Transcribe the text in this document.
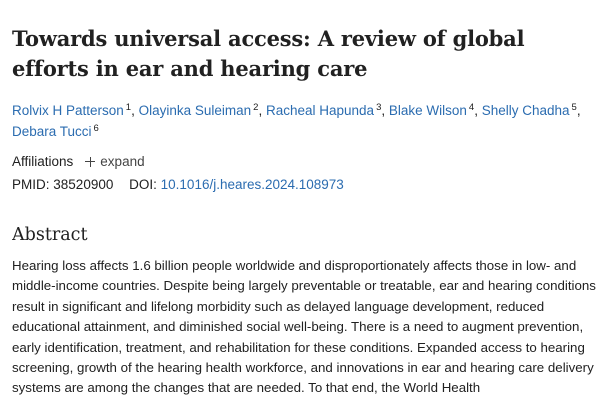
Towards universal access: A review of global efforts in ear and hearing care
Rolvix H Patterson $^1$, Olayinka Suleiman $^2$, Racheal Hapunda $^3$, Blake Wilson $^4$, Shelly Chadha $^5$,
Debara Tucci $^6$
Affiliations expand
PMID: 38520900 DOI: 10.1016/j.heares.2024.108973
Abstract

Hearing loss affects 1.6 billion people worldwide and disproportionately affects those in low- and middle-income countries. Despite being largely preventable or treatable, ear and hearing conditions result in significant and lifelong morbidity such as delayed language development, reduced educational attainment, and diminished social well-being. There is a need to augment prevention, early identification, treatment, and rehabilitation for these conditions. Expanded access to hearing screening, growth of the hearing health workforce, and innovations in ear and hearing care delivery systems are among the changes that are needed. To that end, the World Health
